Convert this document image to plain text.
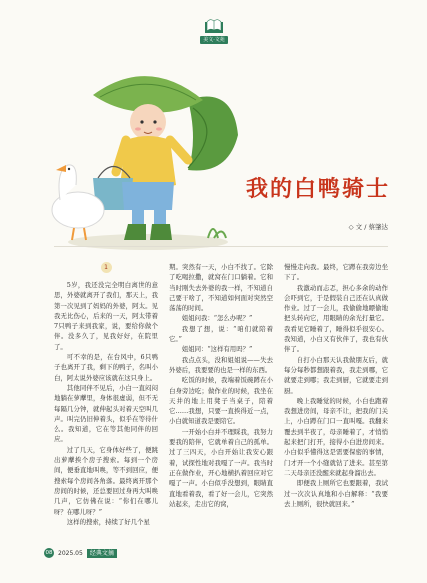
美文·文苑
我的白鸭骑士
◇ 文 / 蔡肇达
1

5岁，我还没完全明白离世的意思，外婆就离开了我们，那天上，我第一次见到了妈妈的外婆，阿太。见我无比伤心，后来的一天，阿太带着7只鸭子来到我家，说，要给你做个伴。没多久了，见我好好，在院里了。

可不幸的是，在台风中，6只鸭子也离开了我，剩下的鸭子，名叫小白，阿太说外婆应该就在这只身上。

其他同伴不见后，小白一直闷闷地躺在萝藦里，身体很虚弱，但不无每隔几分钟，就伸起头对着天空叫几声。叫完仍旧伸着头，似乎在等待什么。我知道，它在等其他同伴的回应。

过了几天，它身体好些了，便跳出萝藦挨个房子搜索。每到一个房间，便垂直地叫唤，等不到回应，便搜索每个房间各角落。最终离开那个房间的时候，还总要回过身再大叫唤几声，它仿佛在说：“你们在哪儿呀？在哪儿呀？”

这样的搜索，持续了好几个星

期。突然有一天，小白不找了。它除了吃喝拉撒，就窝在门口躺着。它和当时刚失去外婆的我一样，不知道自己要干啥了，不知道如何面对突然空荡荡的时间。

姐姐问我：“怎么办呢？”

我想了想，说：“咱们就陪着它。”

姐姐同：“这样有用吗？”

我点点头，没和姐姐说——失去外婆后，我要要的也是一样的东西。

吃饭的时候，我端着饭碗蹲在小白身旁边吃；做作业的时候，我坐在天井的地上用凳子当桌子，陪着它……我想，只要一直挨得近一点，小白就知道我是要陪它。

一开始小白并不理睬我，我努力要我的陪伴，它就单着自己的孤单。过了三四天，小白开始让我安心跟着，试探性地对我嘎了一声。我当时正在做作业，开心地横扒着回应对它嘎了一声。小白似乎没想到，眼睛直直地看着我，看了好一会儿，它突然站起来，走出它的窝，

慢慢走向我。最终，它蹲在我旁边坐下了。

我激动而忐忑，担心多余的动作会吓到它，于是假装自己还在认真做作业。过了一会儿，我偷偷地瞟偷地把头转向它，用眼睛的余光打量它。我看见它睡着了，睡得似乎很安心。我知道，小白又有伙伴了，我也有伙伴了。

自打小白那天认我做朋友后，就每分每秒都想跟着我，我走到哪，它就要走到哪；我走到厨，它就要走到厨。

晚上我睡觉的时候，小白也跑着我想进房间，母亲不让，把我的门关上，小白蹲在门口一直叫嘎。我翻来覆去到半夜了，母亲睡着了，才悄悄起来把门打开，接得小白进房间来。小白似乎懂得这是需要保密的事情，门才开一个小缝就钻了进来。甚至第二天母亲还没醒来就起身溜出去。

即便我上厕所它也要跟着，我试过一次次认真地和小白解释：“我要去上厕所，很快就回来。”

08 2025.05	经典文摘
